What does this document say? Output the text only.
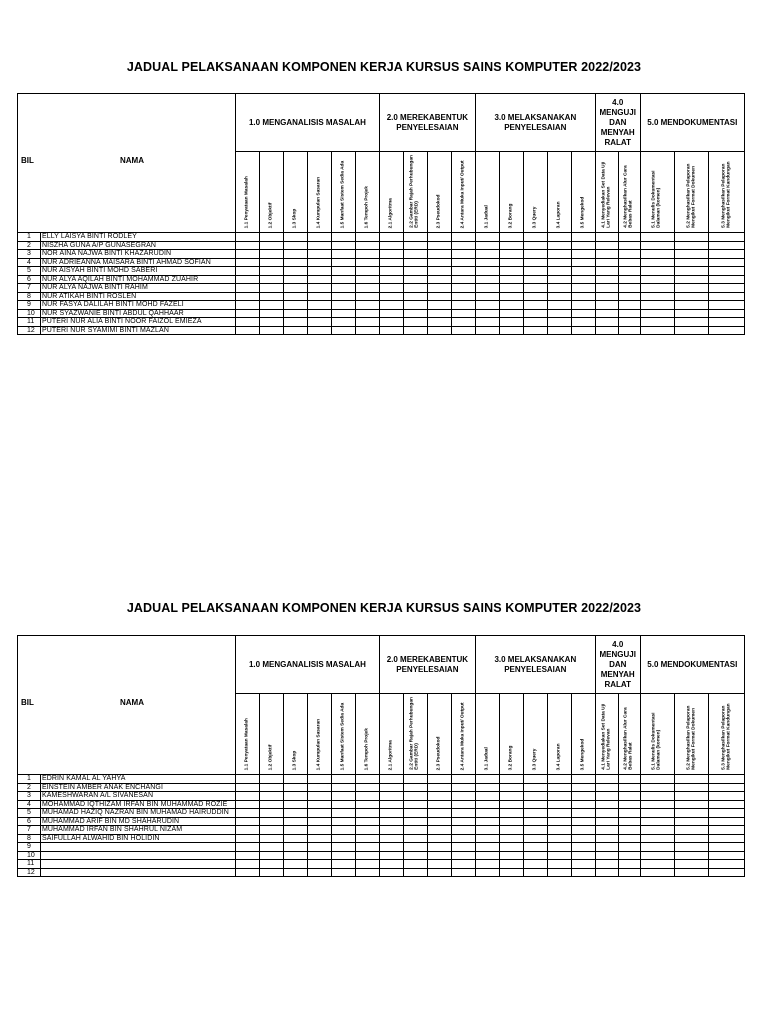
JADUAL PELAKSANAAN KOMPONEN KERJA KURSUS SAINS KOMPUTER 2022/2023
BIL NAMA		1.0 MENGANALISIS MASALAH						2.0 MEREKABENTUK PENYELESAIAN				3.0 MELAKSANAKAN PENYELESAIAN					4.0 MENGUJI DAN MENYAH RALAT		5.0 MENDOKUMENTASI		

		1.1 Penyataan Masalah	1.2 Objektif	1.3 Skop	1.4 Kumpulan Sasaran	1.5 Manfaat Sistem Sedia Ada	1.6 Tempoh Projek	2.1 Algoritma	2.2 Gambar Rajah Perhubungan Entiti (ERD)	2.3 Pseudokod	2.4 Antara Muka Input/ Output	3.1 Jadual	3.2 Borang	3.3 Query	3.4 Laporan	3.5 Mengekod	4.1 Menyediakan Set Data Uji Lari Yang Relevan	4.2 Menghasilkan Alur Cara Bebas Ralat	5.1 Menulis Dokumentasi Dalaman (komen)	5.2 Menghasilkan Pelaporan Mengikut Format Dokumen	5.3 Menghasilkan Pelaporan Mengikut Format Kandungan

1	ELLY LAISYA BINTI RODLEY																				
2	NISZHA GUNA A/P GUNASEGRAN																				
3	NOR AINA NAJWA BINTI KHAZARUDIN																				
4	NUR ADRIEANNA MAISARA BINTI AHMAD SOFIAN																				
5	NUR AISYAH BINTI MOHD SABERI																				
6	NUR ALYA AQILAH BINTI MOHAMMAD ZUAHIR																				
7	NUR ALYA NAJWA BINTI RAHIM																				
8	NUR ATIKAH BINTI ROSLEN																				
9	NUR FASYA DALILAH BINTI MOHD FAZELI																				
10	NUR SYAZWANIE BINTI ABDUL QAHHAAR																				
11	PUTERI NUR ALIA BINTI NOOR FAIZOL EMIEZA																				
12	PUTERI NUR SYAMIMI BINTI MAZLAN																				
JADUAL PELAKSANAAN KOMPONEN KERJA KURSUS SAINS KOMPUTER 2022/2023
BIL NAMA		1.0 MENGANALISIS MASALAH						2.0 MEREKABENTUK PENYELESAIAN				3.0 MELAKSANAKAN PENYELESAIAN					4.0 MENGUJI DAN MENYAH RALAT		5.0 MENDOKUMENTASI		

		1.1 Penyataan Masalah	1.2 Objektif	1.3 Skop	1.4 Kumpulan Sasaran	1.5 Manfaat Sistem Sedia Ada	1.6 Tempoh Projek	2.1 Algoritma	2.2 Gambar Rajah Perhubungan Entiti (ERD)	2.3 Pseudokod	2.4 Antara Muka Input/ Output	3.1 Jadual	3.2 Borang	3.3 Query	3.4 Laporan	3.5 Mengekod	4.1 Menyediakan Set Data Uji Lari Yang Relevan	4.2 Menghasilkan Alur Cara Bebas Ralat	5.1 Menulis Dokumentasi Dalaman (komen)	5.2 Menghasilkan Pelaporan Mengikut Format Dokumen	5.3 Menghasilkan Pelaporan Mengikut Format Kandungan

1	EDRIN KAMAL AL YAHYA																				
2	EINSTEIN AMBER ANAK ENCHANGI																				
3	KAMESHWARAN A/L SIVANESAN																				
4	MOHAMMAD IQTHIZAM IRFAN BIN MUHAMMAD ROZIE																				
5	MUHAMAD HAZIQ NAZRAN BIN MUHAMAD HAIRUDDIN																				
6	MUHAMMAD ARIF BIN MD SHAHARUDIN																				
7	MUHAMMAD IRFAN BIN SHAHRUL NIZAM																				
8	SAIFULLAH ALWAHID BIN HOLIDIN																				
9																					
10																					
11																					
12																					
